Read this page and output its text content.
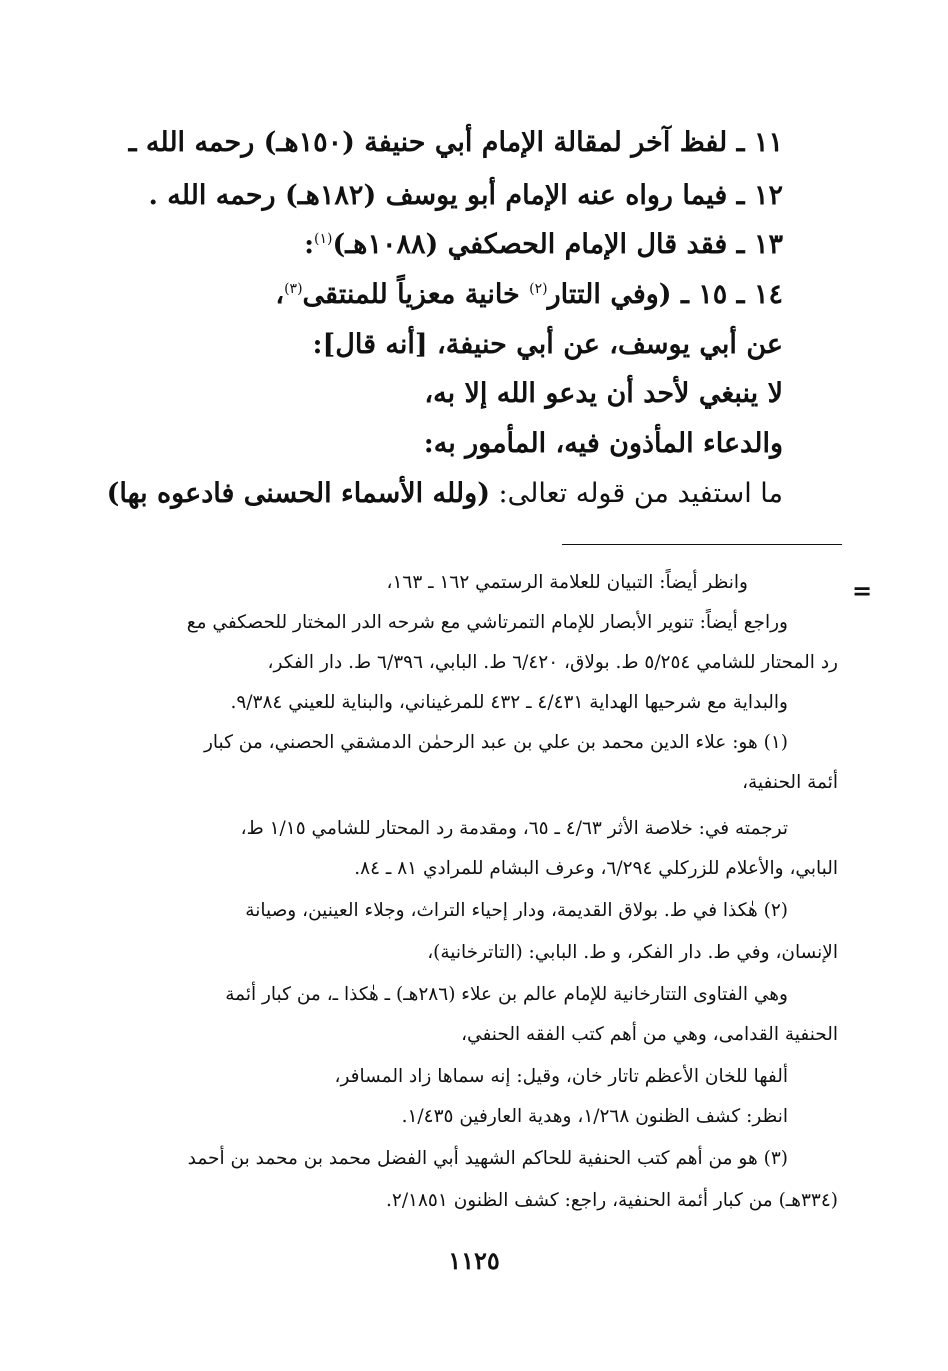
١١ ـ لفظ آخر لمقالة الإمام أبي حنيفة (١٥٠هـ) رحمه الله ـ
١٢ ـ فيما رواه عنه الإمام أبو يوسف (١٨٢هـ) رحمه الله .
١٣ ـ فقد قال الإمام الحصكفي (١٠٨٨هـ)$^{(١)}$:
١٤ ـ ١٥ ـ (وفي التتار$^{(٢)}$ خانية معزياً للمنتقى$^{(٣)}$،
عن أبي يوسف، عن أبي حنيفة، [أنه قال]:
لا ينبغي لأحد أن يدعو الله إلا به،
والدعاء المأذون فيه، المأمور به:
ما استفيد من قوله تعالى: (ولله الأسماء الحسنى فادعوه بها)
=
وانظر أيضاً: التبيان للعلامة الرستمي ١٦٢ ـ ١٦٣،
وراجع أيضاً: تنوير الأبصار للإمام التمرتاشي مع شرحه الدر المختار للحصكفي مع
رد المحتار للشامي ٥/٢٥٤ ط. بولاق، ٦/٤٢٠ ط. البابي، ٦/٣٩٦ ط. دار الفكر،
والبداية مع شرحيها الهداية ٤/٤٣١ ـ ٤٣٢ للمرغيناني، والبناية للعيني ٩/٣٨٤.
(١) هو: علاء الدين محمد بن علي بن عبد الرحمٰن الدمشقي الحصني، من كبار
أئمة الحنفية،
ترجمته في: خلاصة الأثر ٤/٦٣ ـ ٦٥، ومقدمة رد المحتار للشامي ١/١٥ ط،
البابي، والأعلام للزركلي ٦/٢٩٤، وعرف البشام للمرادي ٨١ ـ ٨٤.
(٢) هٰكذا في ط. بولاق القديمة، ودار إحياء التراث، وجلاء العينين، وصيانة
الإنسان، وفي ط. دار الفكر، و ط. البابي: (التاترخانية)،
وهي الفتاوى التتارخانية للإمام عالم بن علاء (٢٨٦هـ) ـ هٰكذا ـ، من كبار أئمة
الحنفية القدامى، وهي من أهم كتب الفقه الحنفي،
ألفها للخان الأعظم تاتار خان، وقيل: إنه سماها زاد المسافر،
انظر: كشف الظنون ١/٢٦٨، وهدية العارفين ١/٤٣٥.
(٣) هو من أهم كتب الحنفية للحاكم الشهيد أبي الفضل محمد بن محمد بن أحمد
(٣٣٤هـ) من كبار أئمة الحنفية، راجع: كشف الظنون ٢/١٨٥١.
١١٢٥
